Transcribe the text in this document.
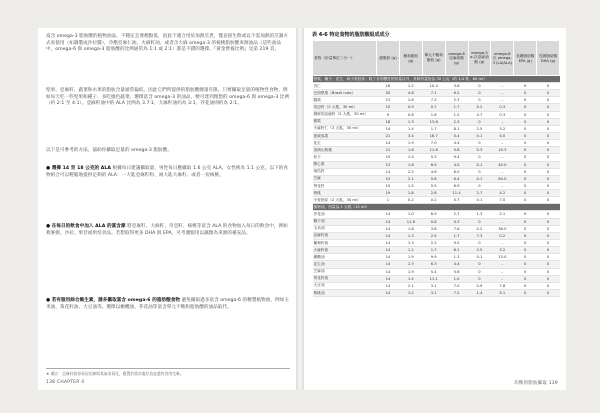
富含 omega-3 脂肪酸的植物油品，不穩定且發煙點低，因此不適合用於加熱烹煮，僅直接生飲或以不需加熱的烹調方式來使用（如調製成沙拉醬），冷壓亞麻仁油、火麻籽油、或者含大麻 omega-3 的核桃脂肪酸來源油品（這些油品中，omega-6 與 omega-3 脂肪酸的比例通常為 1:1 或 2:1）都是不錯的選擇。『黃金營養比例』見第 219 頁。

堅果、亞麻籽、蔬菜和水果的脂肪含量通常偏低，因此它們所提供的脂肪酸總量有限。只要攝取足量的植物性食物，例如每天吃一些堅果和種子、多吃綠色蔬菜、選擇富含 omega-3 的油品，便可達到理想的 omega-6 與 omega-3 比例（約 2:1 至 4:1）。亞麻籽油中的 ALA 比例為 3.7:1，大麻籽油約為 3:1，芥花油則約為 2:1。

以下是可參考的方法，協助你攝取足量的 omega-3 脂肪酸。

● 選擇 14 至 18 公克的 ALA 根據每日建議攝取量，男性每日應攝取 1.6 公克 ALA，女性則為 1.1 公克。以下的食物組合可以輕鬆地提供足夠的 ALA：一大匙亞麻籽粉、兩大匙大麻籽、或者一份核桃。
● 在每日的飲食中加入 ALA 的富含源 將亞麻籽、大麻籽、奇亞籽、核桃等富含 ALA 的食物加入每日的飲食中，例如燕麥粥、沙拉、果昔或烘焙食品。若想取得更多 DHA 與 EPA，可考慮服用以藻類為來源的補充品。
● 若有服用綜合維生素，請多攝取富含 omega-6 的脂肪酸食物 避免攝取過多富含 omega-6 的精製植物油，例如玉米油、葵花籽油、大豆油等。選擇以橄欖油、芥花油等富含單元不飽和脂肪酸的油品取代。
★ 備註：亞麻籽油容易因光線與氧氣而氧化，應置於陰涼處存放並盡快食用完畢。
138 CHAPTER 4
表 4-6 特定食物的脂肪酸組成成分
食物（份量單位二分一）	總脂肪 (g)	飽和脂肪 (g)	單元不飽和脂肪 (g)	omega-6 亞麻油酸 (g)	omega-3 α-次亞麻油酸 (g)	omega-6 比 omega-3 (LA/ALA)	長鏈脂肪酸 EPA (g)	長鏈脂肪酸 DHA (g)
堅果、種子、花生、和小麥胚芽；除了各別標註的份量以外，其餘份量皆為 30 公克（約 1/4 杯，60 ml）								
杏仁	16	1.2	10.4	3.8	0	–	0	0
巴西堅果（Brazil nuts）	20	4.6	7.1	6.2	0	–	0	0
腰果	13	2.6	7.2	2.3	0	–	0	0
奇亞籽（2 大匙，30 ml）	10	0.9	0.7	1.7	5.2	0.3	0	0
磨碎的亞麻籽（2 大匙，30 ml）	9	0.8	1.6	1.2	4.7	0.3	0	0
榛果	18	1.3	13.6	2.3	0	–	0	0
火麻籽仁（3 大匙，30 ml）	14	1.4	1.7	8.1	2.5	3.2	0	0
夏威夷果	21	3.4	16.7	0.4	0.1	4.0	0	0
花生	14	1.9	7.0	4.4	0	–	0	0
美洲山核桃	21	1.8	11.6	5.8	0.3	19.3	0	0
松子	19	1.4	5.3	9.4	0	–	0	0
開心果	13	1.6	6.9	4.0	0.1	40.0	0	0
南瓜籽	14	2.5	4.6	6.0	0	–	0	0
芝麻	15	2.1	5.6	6.4	0.1	64.0	0	0
葵花籽	15	1.5	5.5	6.9	0	–	0	0
核桃	19	1.8	2.6	11.4	2.7	4.2	0	0
小麥胚芽（2 大匙，30 ml）	1	0.2	0.2	0.7	0.1	7.0	0	0
植物油，份量為 1 大匙（15 ml）								
芥花油	14	1.0	8.9	2.7	1.3	2.1	0	0
椰子油	14	11.8	0.8	0.3	0	–	0	0
玉米油	14	1.8	3.8	7.6	0.2	38.0	0	0
亞麻籽油	14	1.3	2.5	1.7	7.3	0.2	0	0
葡萄籽油	14	1.3	2.2	9.5	0	–	0	0
火麻籽油	14	1.2	1.7	8.1	2.5	3.2	0	0
橄欖油	14	1.9	9.9	1.3	0.1	13.0	0	0
花生油	14	2.3	6.3	4.4	0	–	0	0
芝麻油	14	1.9	5.4	5.6	0	–	0	0
葵花籽油	14	1.4	11.1	1.0	0	–	0	0
大豆油	14	2.1	3.1	7.0	0.9	7.8	0	0
核桃油	14	1.2	3.1	7.2	1.4	5.1	0	0
均衡的脂肪攝取 139
